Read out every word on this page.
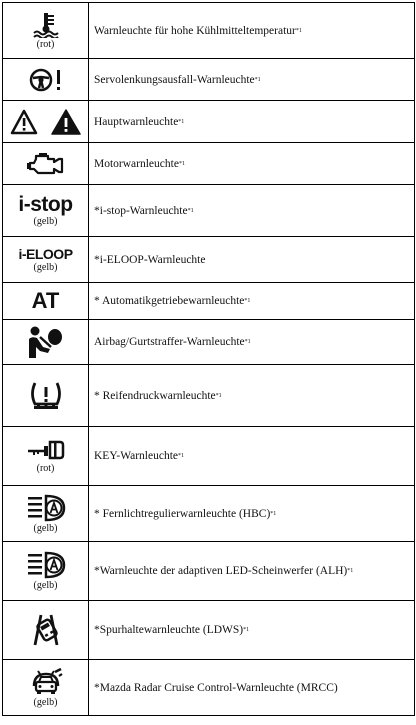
(rot)
Warnleuchte für hohe Kühlmitteltemperatur *1
Servolenkungsausfall-Warnleuchte *1
Hauptwarnleuchte *1
Motorwarnleuchte *1
i-stop
(gelb)
*i-stop-Warnleuchte *1
i-ELOOP
(gelb)
*i-ELOOP-Warnleuchte
AT	* Automatikgetriebewarnleuchte *1
Airbag/Gurtstraffer-Warnleuchte *1
* Reifendruckwarnleuchte *1
(rot)
KEY-Warnleuchte *1
(gelb)
* Fernlichtregulierwarnleuchte (HBC) *1
(gelb)
*Warnleuchte der adaptiven LED-Scheinwerfer (ALH) *1
*Spurhaltewarnleuchte (LDWS) *1
(gelb)
*Mazda Radar Cruise Control-Warnleuchte (MRCC)
